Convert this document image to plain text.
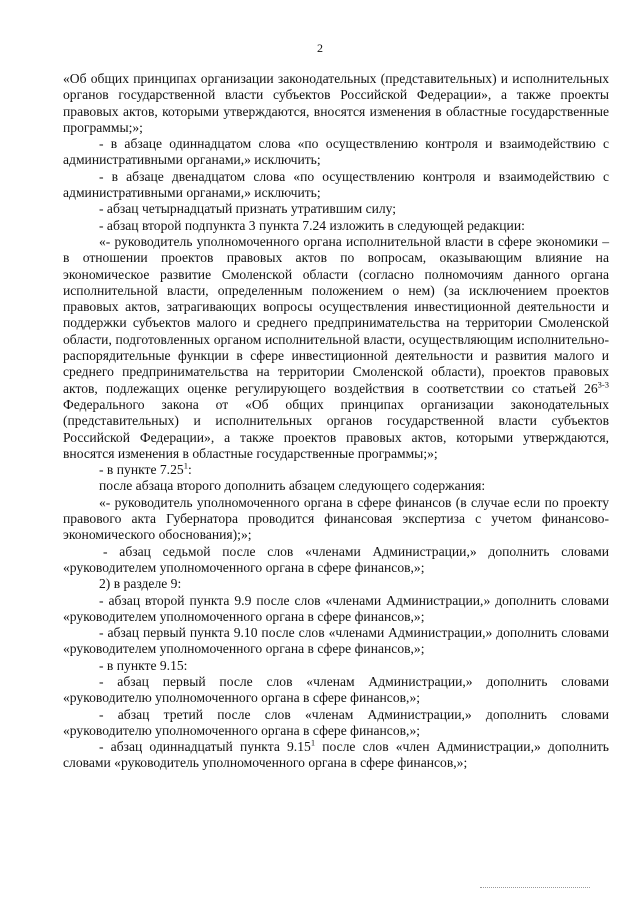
2

«Об общих принципах организации законодательных (представительных) и исполнительных органов государственной власти субъектов Российской Федерации», а также проекты правовых актов, которыми утверждаются, вносятся изменения в областные государственные программы;»;

- в абзаце одиннадцатом слова «по осуществлению контроля и взаимодействию с административными органами,» исключить;

- в абзаце двенадцатом слова «по осуществлению контроля и взаимодействию с административными органами,» исключить;

- абзац четырнадцатый признать утратившим силу;

- абзац второй подпункта 3 пункта 7.24 изложить в следующей редакции:

«- руководитель уполномоченного органа исполнительной власти в сфере экономики – в отношении проектов правовых актов по вопросам, оказывающим влияние на экономическое развитие Смоленской области (согласно полномочиям данного органа исполнительной власти, определенным положением о нем) (за исключением проектов правовых актов, затрагивающих вопросы осуществления инвестиционной деятельности и поддержки субъектов малого и среднего предпринимательства на территории Смоленской области, подготовленных органом исполнительной власти, осуществляющим исполнительно-распорядительные функции в сфере инвестиционной деятельности и развития малого и среднего предпринимательства на территории Смоленской области), проектов правовых актов, подлежащих оценке регулирующего воздействия в соответствии со статьей 26$^{3-3}$ Федерального закона от «Об общих принципах организации законодательных (представительных) и исполнительных органов государственной власти субъектов Российской Федерации», а также проектов правовых актов, которыми утверждаются, вносятся изменения в областные государственные программы;»;

- в пункте 7.25$^1$:

после абзаца второго дополнить абзацем следующего содержания:

«- руководитель уполномоченного органа в сфере финансов (в случае если по проекту правового акта Губернатора проводится финансовая экспертиза с учетом финансово-экономического обоснования);»;

- абзац седьмой после слов «членами Администрации,» дополнить словами «руководителем уполномоченного органа в сфере финансов,»;

2) в разделе 9:

- абзац второй пункта 9.9 после слов «членами Администрации,» дополнить словами «руководителем уполномоченного органа в сфере финансов,»;

- абзац первый пункта 9.10 после слов «членами Администрации,» дополнить словами «руководителем уполномоченного органа в сфере финансов,»;

- в пункте 9.15:

- абзац первый после слов «членам Администрации,» дополнить словами «руководителю уполномоченного органа в сфере финансов,»;

- абзац третий после слов «членам Администрации,» дополнить словами «руководителю уполномоченного органа в сфере финансов,»;

- абзац одиннадцатый пункта 9.15$^1$ после слов «член Администрации,» дополнить словами «руководитель уполномоченного органа в сфере финансов,»;
